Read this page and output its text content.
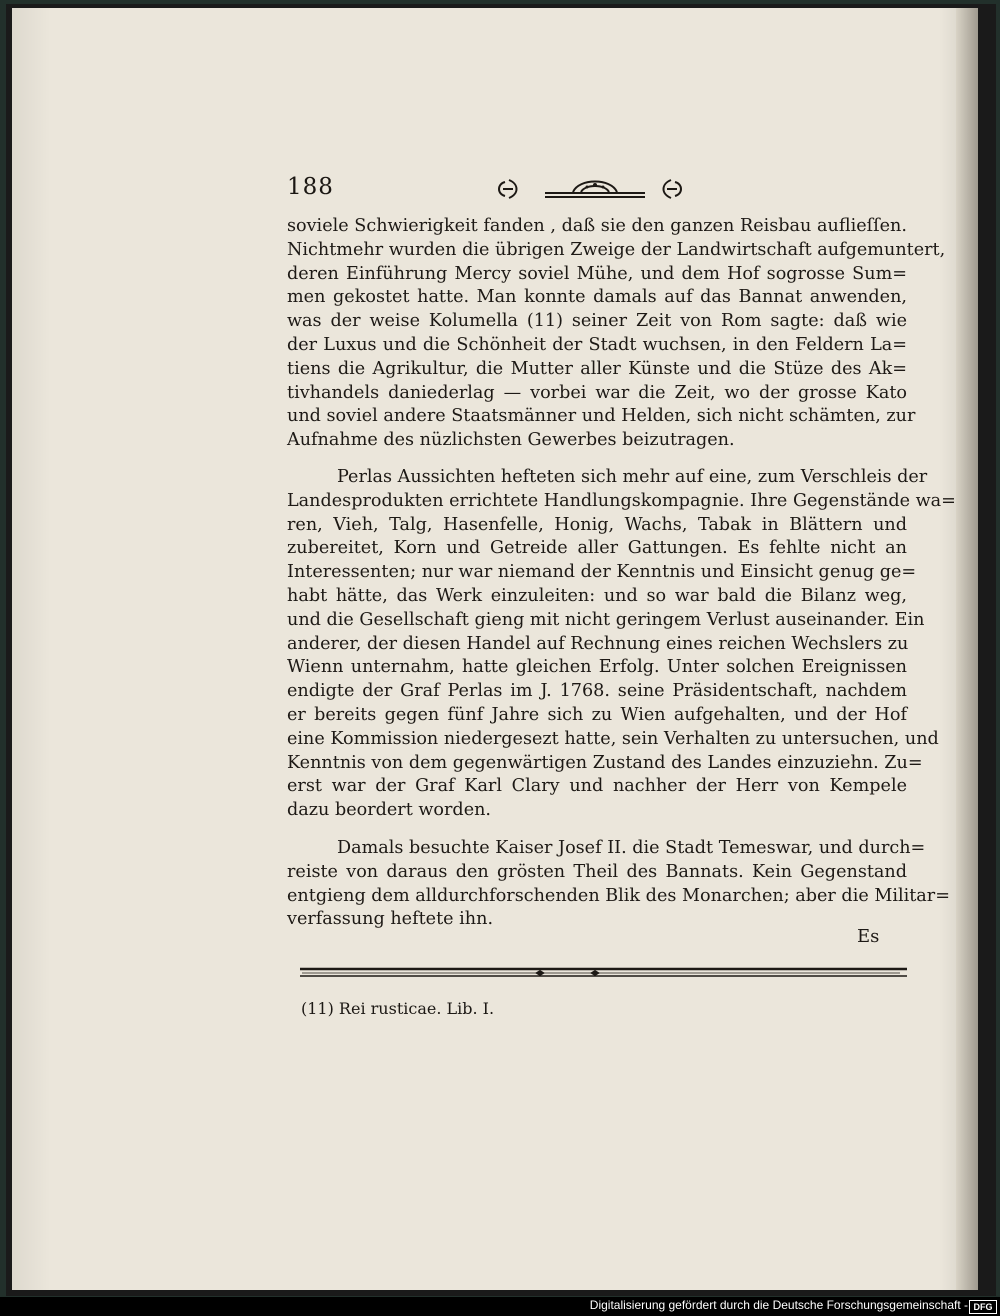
188
soviele Schwierigkeit fanden , daß sie den ganzen Reisbau auflieſſen.
Nichtmehr wurden die übrigen Zweige der Landwirtschaft aufgemuntert,
deren Einführung Mercy soviel Mühe, und dem Hof sogrosse Sum=
men gekostet hatte. Man konnte damals auf das Bannat anwenden,
was der weise Kolumella (11) seiner Zeit von Rom sagte: daß wie
der Luxus und die Schönheit der Stadt wuchsen, in den Feldern La=
tiens die Agrikultur, die Mutter aller Künste und die Stüze des Ak=
tivhandels daniederlag — vorbei war die Zeit, wo der grosse Kato
und soviel andere Staatsmänner und Helden, sich nicht schämten, zur
Aufnahme des nüzlichsten Gewerbes beizutragen.
Perlas Aussichten hefteten sich mehr auf eine, zum Verschleis der
Landesprodukten errichtete Handlungskompagnie. Ihre Gegenstände wa=
ren, Vieh, Talg, Hasenfelle, Honig, Wachs, Tabak in Blättern und
zubereitet, Korn und Getreide aller Gattungen. Es fehlte nicht an
Interessenten; nur war niemand der Kenntnis und Einsicht genug ge=
habt hätte, das Werk einzuleiten: und so war bald die Bilanz weg,
und die Gesellschaft gieng mit nicht geringem Verlust auseinander. Ein
anderer, der diesen Handel auf Rechnung eines reichen Wechslers zu
Wienn unternahm, hatte gleichen Erfolg. Unter solchen Ereignissen
endigte der Graf Perlas im J. 1768. seine Präsidentschaft, nachdem
er bereits gegen fünf Jahre sich zu Wien aufgehalten, und der Hof
eine Kommission niedergesezt hatte, sein Verhalten zu untersuchen, und
Kenntnis von dem gegenwärtigen Zustand des Landes einzuziehn. Zu=
erst war der Graf Karl Clary und nachher der Herr von Kempele
dazu beordert worden.
Damals besuchte Kaiser Josef II. die Stadt Temeswar, und durch=
reiste von daraus den grösten Theil des Bannats. Kein Gegenstand
entgieng dem alldurchforschenden Blik des Monarchen; aber die Militar=
verfassung heftete ihn.
Es
(11) Rei rusticae. Lib. I.
Digitalisierung gefördert durch die Deutsche Forschungsgemeinschaft - DFG
